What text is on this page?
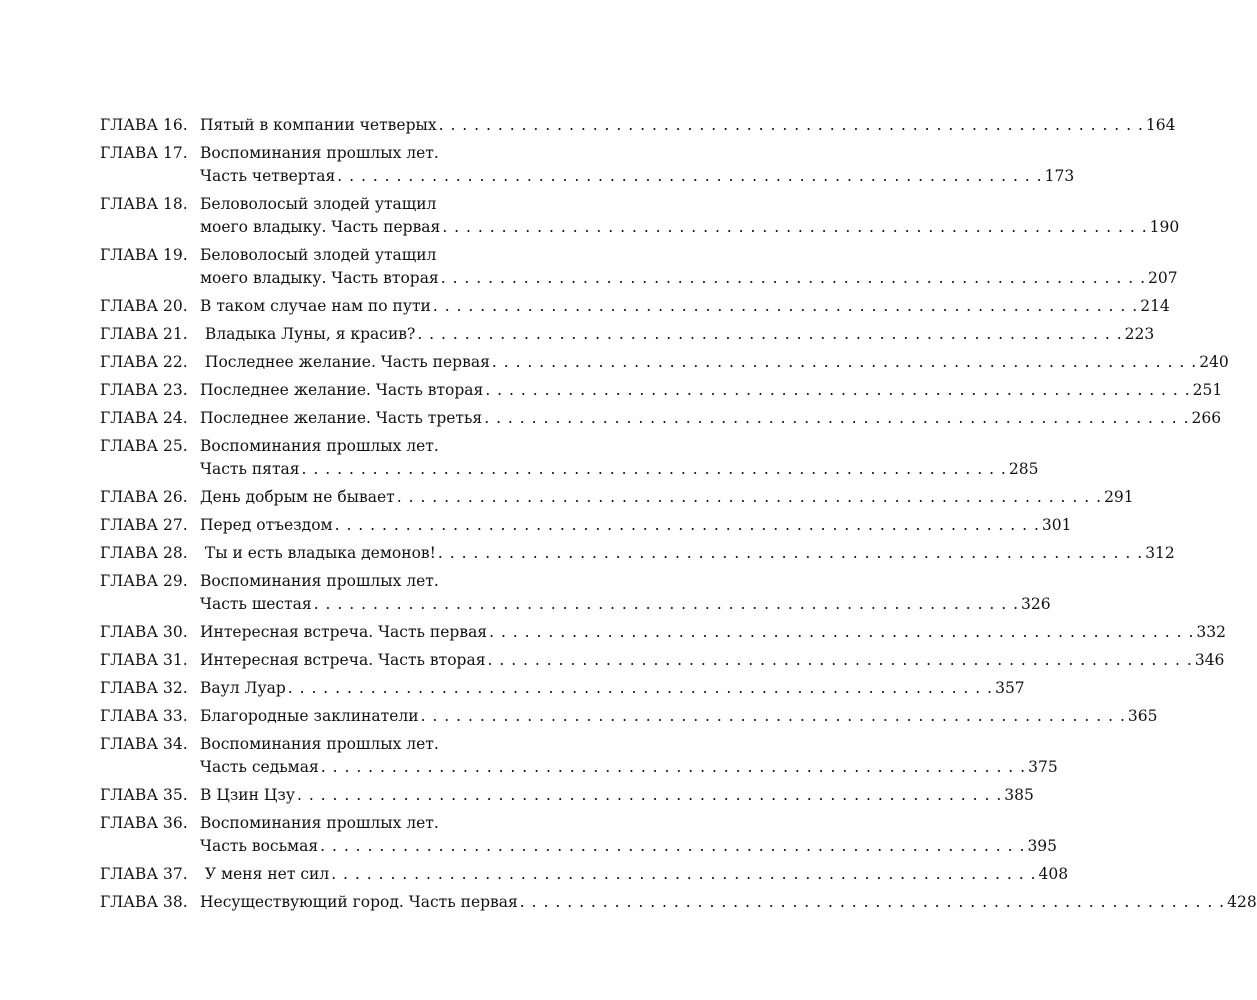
ГЛАВА 16. Пятый в компании четверых . . . . . . . . . . . . . . . . . . . . . . . . . . . . . . . . . . . . . . . . . . . . . . . . . . . . . . . . . . . . 164
ГЛАВА 17. Воспоминания прошлых лет.
Часть четвертая . . . . . . . . . . . . . . . . . . . . . . . . . . . . . . . . . . . . . . . . . . . . . . . . . . . . . . . . . . . . 173
ГЛАВА 18. Беловолосый злодей утащил
моего владыку. Часть первая . . . . . . . . . . . . . . . . . . . . . . . . . . . . . . . . . . . . . . . . . . . . . . . . . . . . . . . . . . . . 190
ГЛАВА 19. Беловолосый злодей утащил
моего владыку. Часть вторая . . . . . . . . . . . . . . . . . . . . . . . . . . . . . . . . . . . . . . . . . . . . . . . . . . . . . . . . . . . . 207
ГЛАВА 20. В таком случае нам по пути . . . . . . . . . . . . . . . . . . . . . . . . . . . . . . . . . . . . . . . . . . . . . . . . . . . . . . . . . . . . 214
ГЛАВА 21. Владыка Луны, я красив? . . . . . . . . . . . . . . . . . . . . . . . . . . . . . . . . . . . . . . . . . . . . . . . . . . . . . . . . . . . . 223
ГЛАВА 22. Последнее желание. Часть первая . . . . . . . . . . . . . . . . . . . . . . . . . . . . . . . . . . . . . . . . . . . . . . . . . . . . . . . . . . . . 240
ГЛАВА 23. Последнее желание. Часть вторая . . . . . . . . . . . . . . . . . . . . . . . . . . . . . . . . . . . . . . . . . . . . . . . . . . . . . . . . . . . . 251
ГЛАВА 24. Последнее желание. Часть третья . . . . . . . . . . . . . . . . . . . . . . . . . . . . . . . . . . . . . . . . . . . . . . . . . . . . . . . . . . . . 266
ГЛАВА 25. Воспоминания прошлых лет.
Часть пятая . . . . . . . . . . . . . . . . . . . . . . . . . . . . . . . . . . . . . . . . . . . . . . . . . . . . . . . . . . . . 285
ГЛАВА 26. День добрым не бывает . . . . . . . . . . . . . . . . . . . . . . . . . . . . . . . . . . . . . . . . . . . . . . . . . . . . . . . . . . . . 291
ГЛАВА 27. Перед отъездом . . . . . . . . . . . . . . . . . . . . . . . . . . . . . . . . . . . . . . . . . . . . . . . . . . . . . . . . . . . . 301
ГЛАВА 28. Ты и есть владыка демонов! . . . . . . . . . . . . . . . . . . . . . . . . . . . . . . . . . . . . . . . . . . . . . . . . . . . . . . . . . . . . 312
ГЛАВА 29. Воспоминания прошлых лет.
Часть шестая . . . . . . . . . . . . . . . . . . . . . . . . . . . . . . . . . . . . . . . . . . . . . . . . . . . . . . . . . . . . 326
ГЛАВА 30. Интересная встреча. Часть первая . . . . . . . . . . . . . . . . . . . . . . . . . . . . . . . . . . . . . . . . . . . . . . . . . . . . . . . . . . . . 332
ГЛАВА 31. Интересная встреча. Часть вторая . . . . . . . . . . . . . . . . . . . . . . . . . . . . . . . . . . . . . . . . . . . . . . . . . . . . . . . . . . . . 346
ГЛАВА 32. Ваул Луар . . . . . . . . . . . . . . . . . . . . . . . . . . . . . . . . . . . . . . . . . . . . . . . . . . . . . . . . . . . . 357
ГЛАВА 33. Благородные заклинатели . . . . . . . . . . . . . . . . . . . . . . . . . . . . . . . . . . . . . . . . . . . . . . . . . . . . . . . . . . . . 365
ГЛАВА 34. Воспоминания прошлых лет.
Часть седьмая . . . . . . . . . . . . . . . . . . . . . . . . . . . . . . . . . . . . . . . . . . . . . . . . . . . . . . . . . . . . 375
ГЛАВА 35. В Цзин Цзу . . . . . . . . . . . . . . . . . . . . . . . . . . . . . . . . . . . . . . . . . . . . . . . . . . . . . . . . . . . . 385
ГЛАВА 36. Воспоминания прошлых лет.
Часть восьмая . . . . . . . . . . . . . . . . . . . . . . . . . . . . . . . . . . . . . . . . . . . . . . . . . . . . . . . . . . . . 395
ГЛАВА 37. У меня нет сил . . . . . . . . . . . . . . . . . . . . . . . . . . . . . . . . . . . . . . . . . . . . . . . . . . . . . . . . . . . . 408
ГЛАВА 38. Несуществующий город. Часть первая . . . . . . . . . . . . . . . . . . . . . . . . . . . . . . . . . . . . . . . . . . . . . . . . . . . . . . . . . . . . 428
